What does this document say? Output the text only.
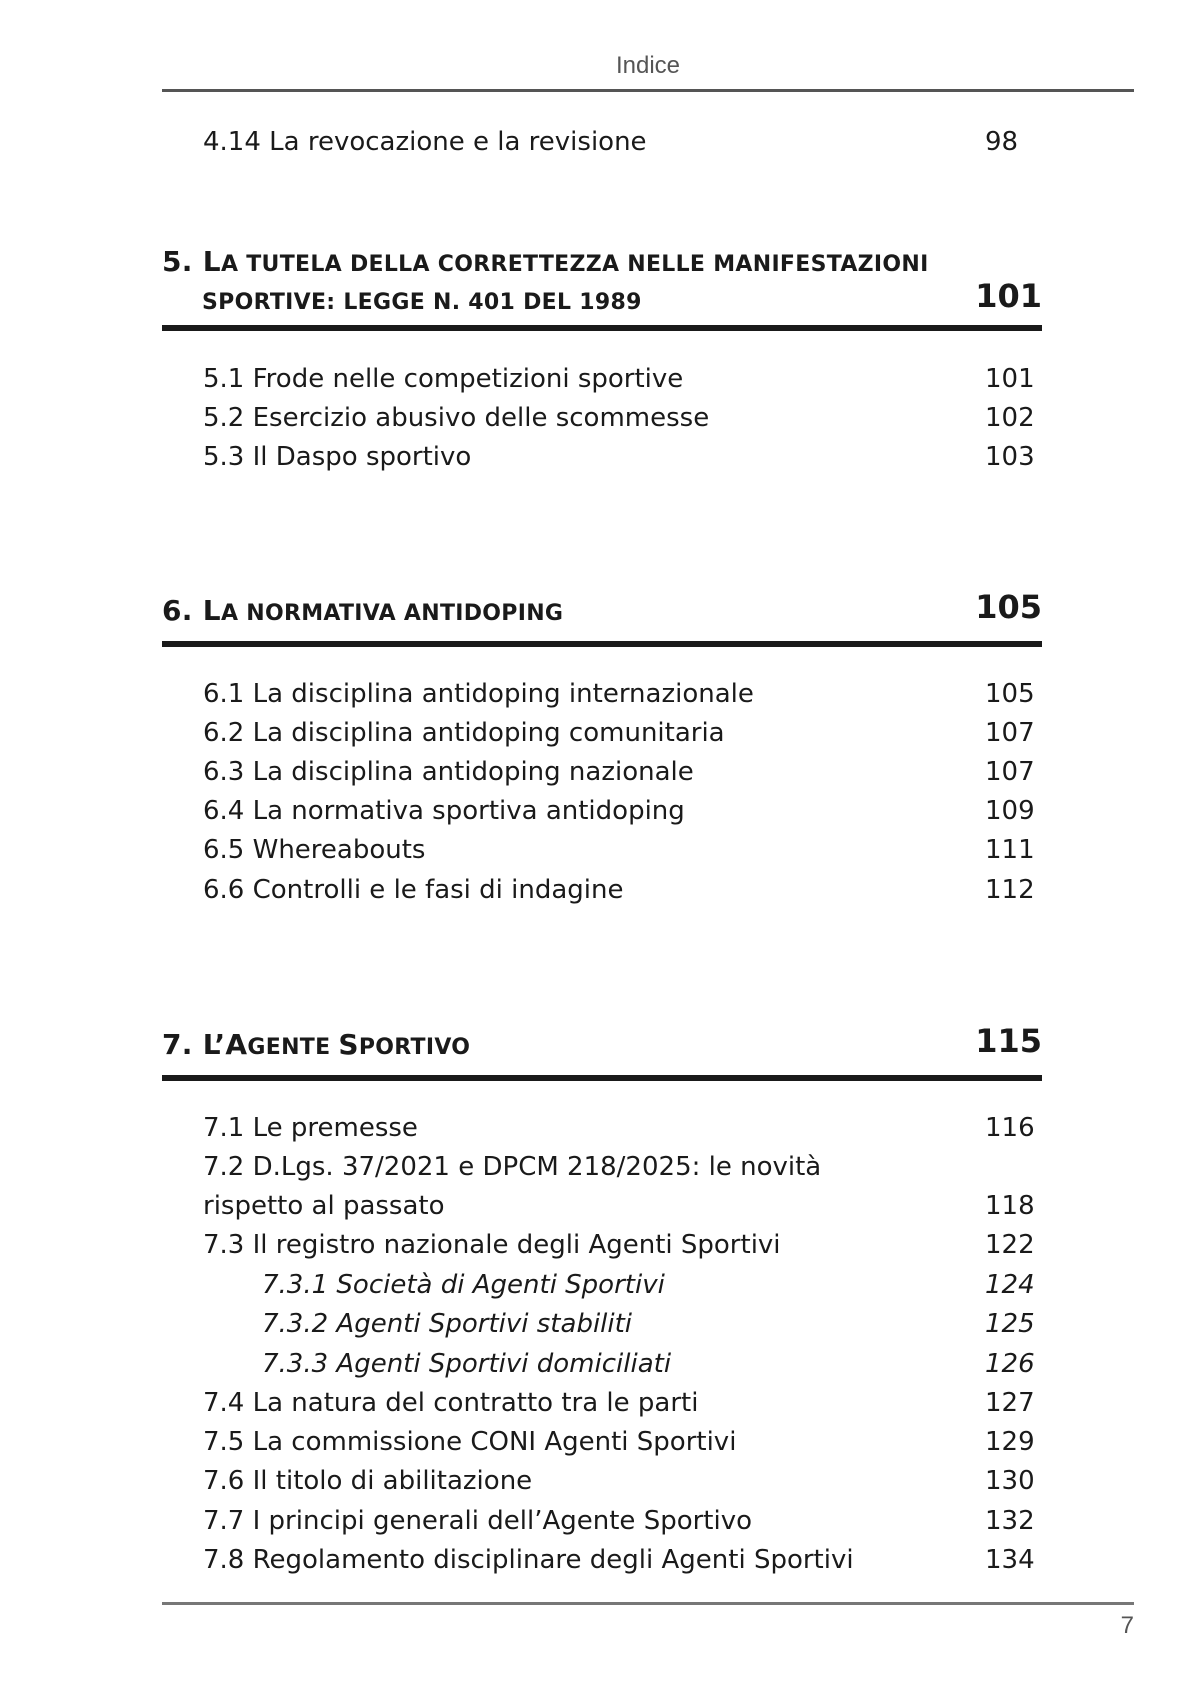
Indice
4.14 La revocazione e la revisione	98
5. LA TUTELA DELLA CORRETTEZZA NELLE MANIFESTAZIONI
SPORTIVE: LEGGE N. 401 DEL 1989	101
5.1 Frode nelle competizioni sportive	101
5.2 Esercizio abusivo delle scommesse	102
5.3 Il Daspo sportivo	103
6. LA NORMATIVA ANTIDOPING	105
6.1 La disciplina antidoping internazionale	105
6.2 La disciplina antidoping comunitaria	107
6.3 La disciplina antidoping nazionale	107
6.4 La normativa sportiva antidoping	109
6.5 Whereabouts	111
6.6 Controlli e le fasi di indagine	112
7. L’AGENTE SPORTIVO	115
7.1 Le premesse	116
7.2 D.Lgs. 37/2021 e DPCM 218/2025: le novità
rispetto al passato	118
7.3 Il registro nazionale degli Agenti Sportivi	122
7.3.1 Società di Agenti Sportivi	124
7.3.2 Agenti Sportivi stabiliti	125
7.3.3 Agenti Sportivi domiciliati	126
7.4 La natura del contratto tra le parti	127
7.5 La commissione CONI Agenti Sportivi	129
7.6 Il titolo di abilitazione	130
7.7 I principi generali dell’Agente Sportivo	132
7.8 Regolamento disciplinare degli Agenti Sportivi	134
7
